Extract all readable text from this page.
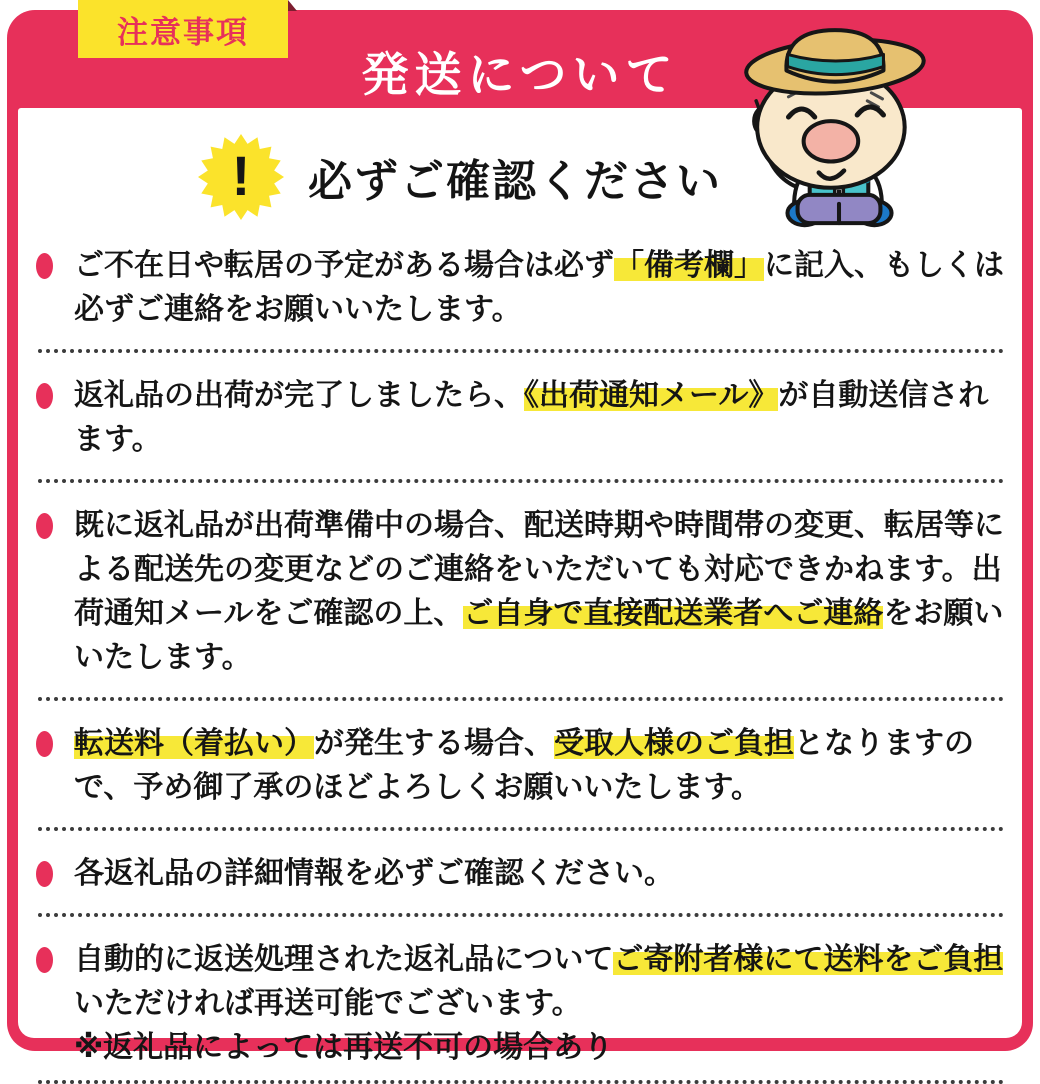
発送について
!	必ずご確認ください
ご不在日や転居の予定がある場合は必ず「備考欄」に記入、もしくは必ずご連絡をお願いいたします。
返礼品の出荷が完了しましたら、《出荷通知メール》が自動送信されます。
既に返礼品が出荷準備中の場合、配送時期や時間帯の変更、転居等による配送先の変更などのご連絡をいただいても対応できかねます。出荷通知メールをご確認の上、ご自身で直接配送業者へご連絡をお願いいたします。
転送料（着払い）が発生する場合、受取人様のご負担となりますので、予め御了承のほどよろしくお願いいたします。
各返礼品の詳細情報を必ずご確認ください。
自動的に返送処理された返礼品についてご寄附者様にて送料をご負担いただければ再送可能でございます。
※返礼品によっては再送不可の場合あり
注意事項
